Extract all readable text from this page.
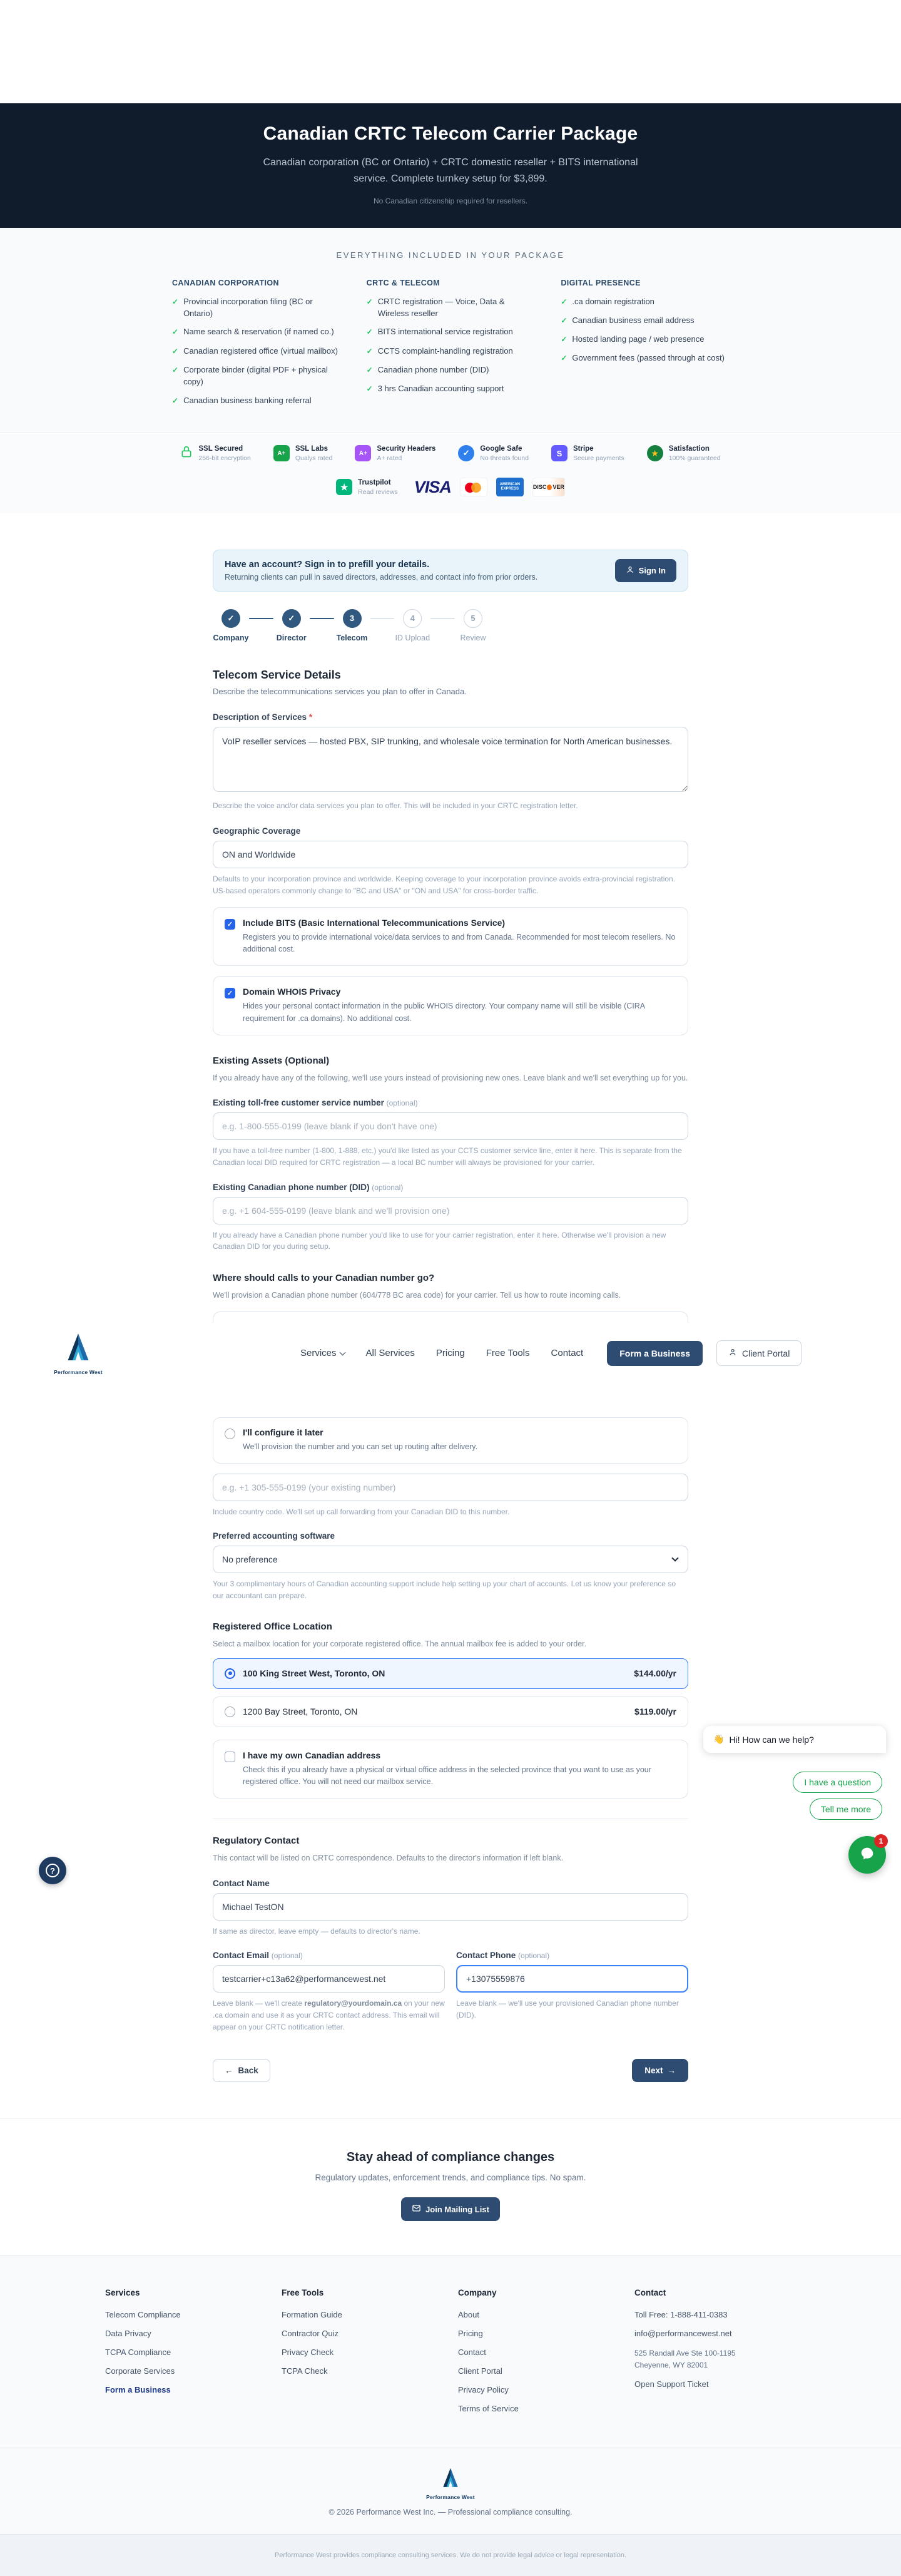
Canadian CRTC Telecom Carrier Package
Canadian corporation (BC or Ontario) + CRTC domestic reseller + BITS international service. Complete turnkey setup for $3,899.
No Canadian citizenship required for resellers.
EVERYTHING INCLUDED IN YOUR PACKAGE
CANADIAN CORPORATION
✓ Provincial incorporation filing (BC or Ontario)
✓ Name search & reservation (if named co.)
✓ Canadian registered office (virtual mailbox)
✓ Corporate binder (digital PDF + physical copy)
✓ Canadian business banking referral
CRTC & TELECOM
✓ CRTC registration — Voice, Data & Wireless reseller
✓ BITS international service registration
✓ CCTS complaint-handling registration
✓ Canadian phone number (DID)
✓ 3 hrs Canadian accounting support
DIGITAL PRESENCE
✓ .ca domain registration
✓ Canadian business email address
✓ Hosted landing page / web presence
✓ Government fees (passed through at cost)
SSL Secured
256-bit encryption
A+
SSL Labs
Qualys rated
A+
Security Headers
A+ rated
✓	Google Safe
No threats found	S	Stripe
Secure payments	★ Satisfaction
100% guaranteed
★	Trustpilot
Read reviews VISA	AMERICAN
EXPRESS	DISC VER
Have an account? Sign in to prefill your details.
Returning clients can pull in saved directors, addresses, and contact info from prior orders.
Sign In
✓
Company
✓
Director
3
Telecom
4
ID Upload
5
Review
Telecom Service Details
Describe the telecommunications services you plan to offer in Canada.
Description of Services *
VoIP reseller services — hosted PBX, SIP trunking, and wholesale voice termination for North American businesses.
Describe the voice and/or data services you plan to offer. This will be included in your CRTC registration letter.
Geographic Coverage
ON and Worldwide
Defaults to your incorporation province and worldwide. Keeping coverage to your incorporation province avoids extra-provincial registration. US-based operators commonly change to "BC and USA" or "ON and USA" for cross-border traffic.
✓ Include BITS (Basic International Telecommunications Service)
Registers you to provide international voice/data services to and from Canada. Recommended for most telecom resellers. No additional cost.
✓ Domain WHOIS Privacy
Hides your personal contact information in the public WHOIS directory. Your company name will still be visible (CIRA requirement for .ca domains). No additional cost.
Existing Assets (Optional)
If you already have any of the following, we'll use yours instead of provisioning new ones. Leave blank and we'll set everything up for you.
Existing toll-free customer service number (optional)
e.g. 1-800-555-0199 (leave blank if you don't have one)
If you have a toll-free number (1-800, 1-888, etc.) you'd like listed as your CCTS customer service line, enter it here. This is separate from the Canadian local DID required for CRTC registration — a local BC number will always be provisioned for your carrier.
Existing Canadian phone number (DID) (optional)
e.g. +1 604-555-0199 (leave blank and we'll provision one)
If you already have a Canadian phone number you'd like to use for your carrier registration, enter it here. Otherwise we'll provision a new Canadian DID for you during setup.
Where should calls to your Canadian number go?
We'll provision a Canadian phone number (604/778 BC area code) for your carrier. Tell us how to route incoming calls.
I'll configure it later
We'll provision the number and you can set up routing after delivery.
e.g. +1 305-555-0199 (your existing number)
Include country code. We'll set up call forwarding from your Canadian DID to this number.
Preferred accounting software
No preference
Your 3 complimentary hours of Canadian accounting support include help setting up your chart of accounts. Let us know your preference so our accountant can prepare.
Registered Office Location
Select a mailbox location for your corporate registered office. The annual mailbox fee is added to your order.
100 King Street West, Toronto, ON	$144.00/yr
1200 Bay Street, Toronto, ON	$119.00/yr
I have my own Canadian address
Check this if you already have a physical or virtual office address in the selected province that you want to use as your registered office. You will not need our mailbox service.
Regulatory Contact
This contact will be listed on CRTC correspondence. Defaults to the director's information if left blank.
Contact Name
Michael TestON
If same as director, leave empty — defaults to director's name.
Contact Email (optional)
testcarrier+c13a62@performancewest.net
Leave blank — we'll create regulatory@yourdomain.ca on your new .ca domain and use it as your CRTC contact address. This email will appear on your CRTC notification letter.
Contact Phone (optional)
+13075559876
Leave blank — we'll use your provisioned Canadian phone number (DID).
← Back	Next →
Stay ahead of compliance changes
Regulatory updates, enforcement trends, and compliance tips. No spam.
Join Mailing List
Services
Telecom Compliance
Data Privacy
TCPA Compliance
Corporate Services
Form a Business
Free Tools
Formation Guide
Contractor Quiz
Privacy Check
TCPA Check
Company
About
Pricing
Contact
Client Portal
Privacy Policy
Terms of Service
Contact
Toll Free: 1-888-411-0383
info@performancewest.net
525 Randall Ave Ste 100-1195
Cheyenne, WY 82001
Open Support Ticket
Performance West
© 2026 Performance West Inc. — Professional compliance consulting.
Performance West provides compliance consulting services. We do not provide legal advice or legal representation.
Performance West
Services	All Services Pricing Free Tools Contact	Form a Business	Client Portal
?
👋 Hi! How can we help?
I have a question
Tell me more
1
